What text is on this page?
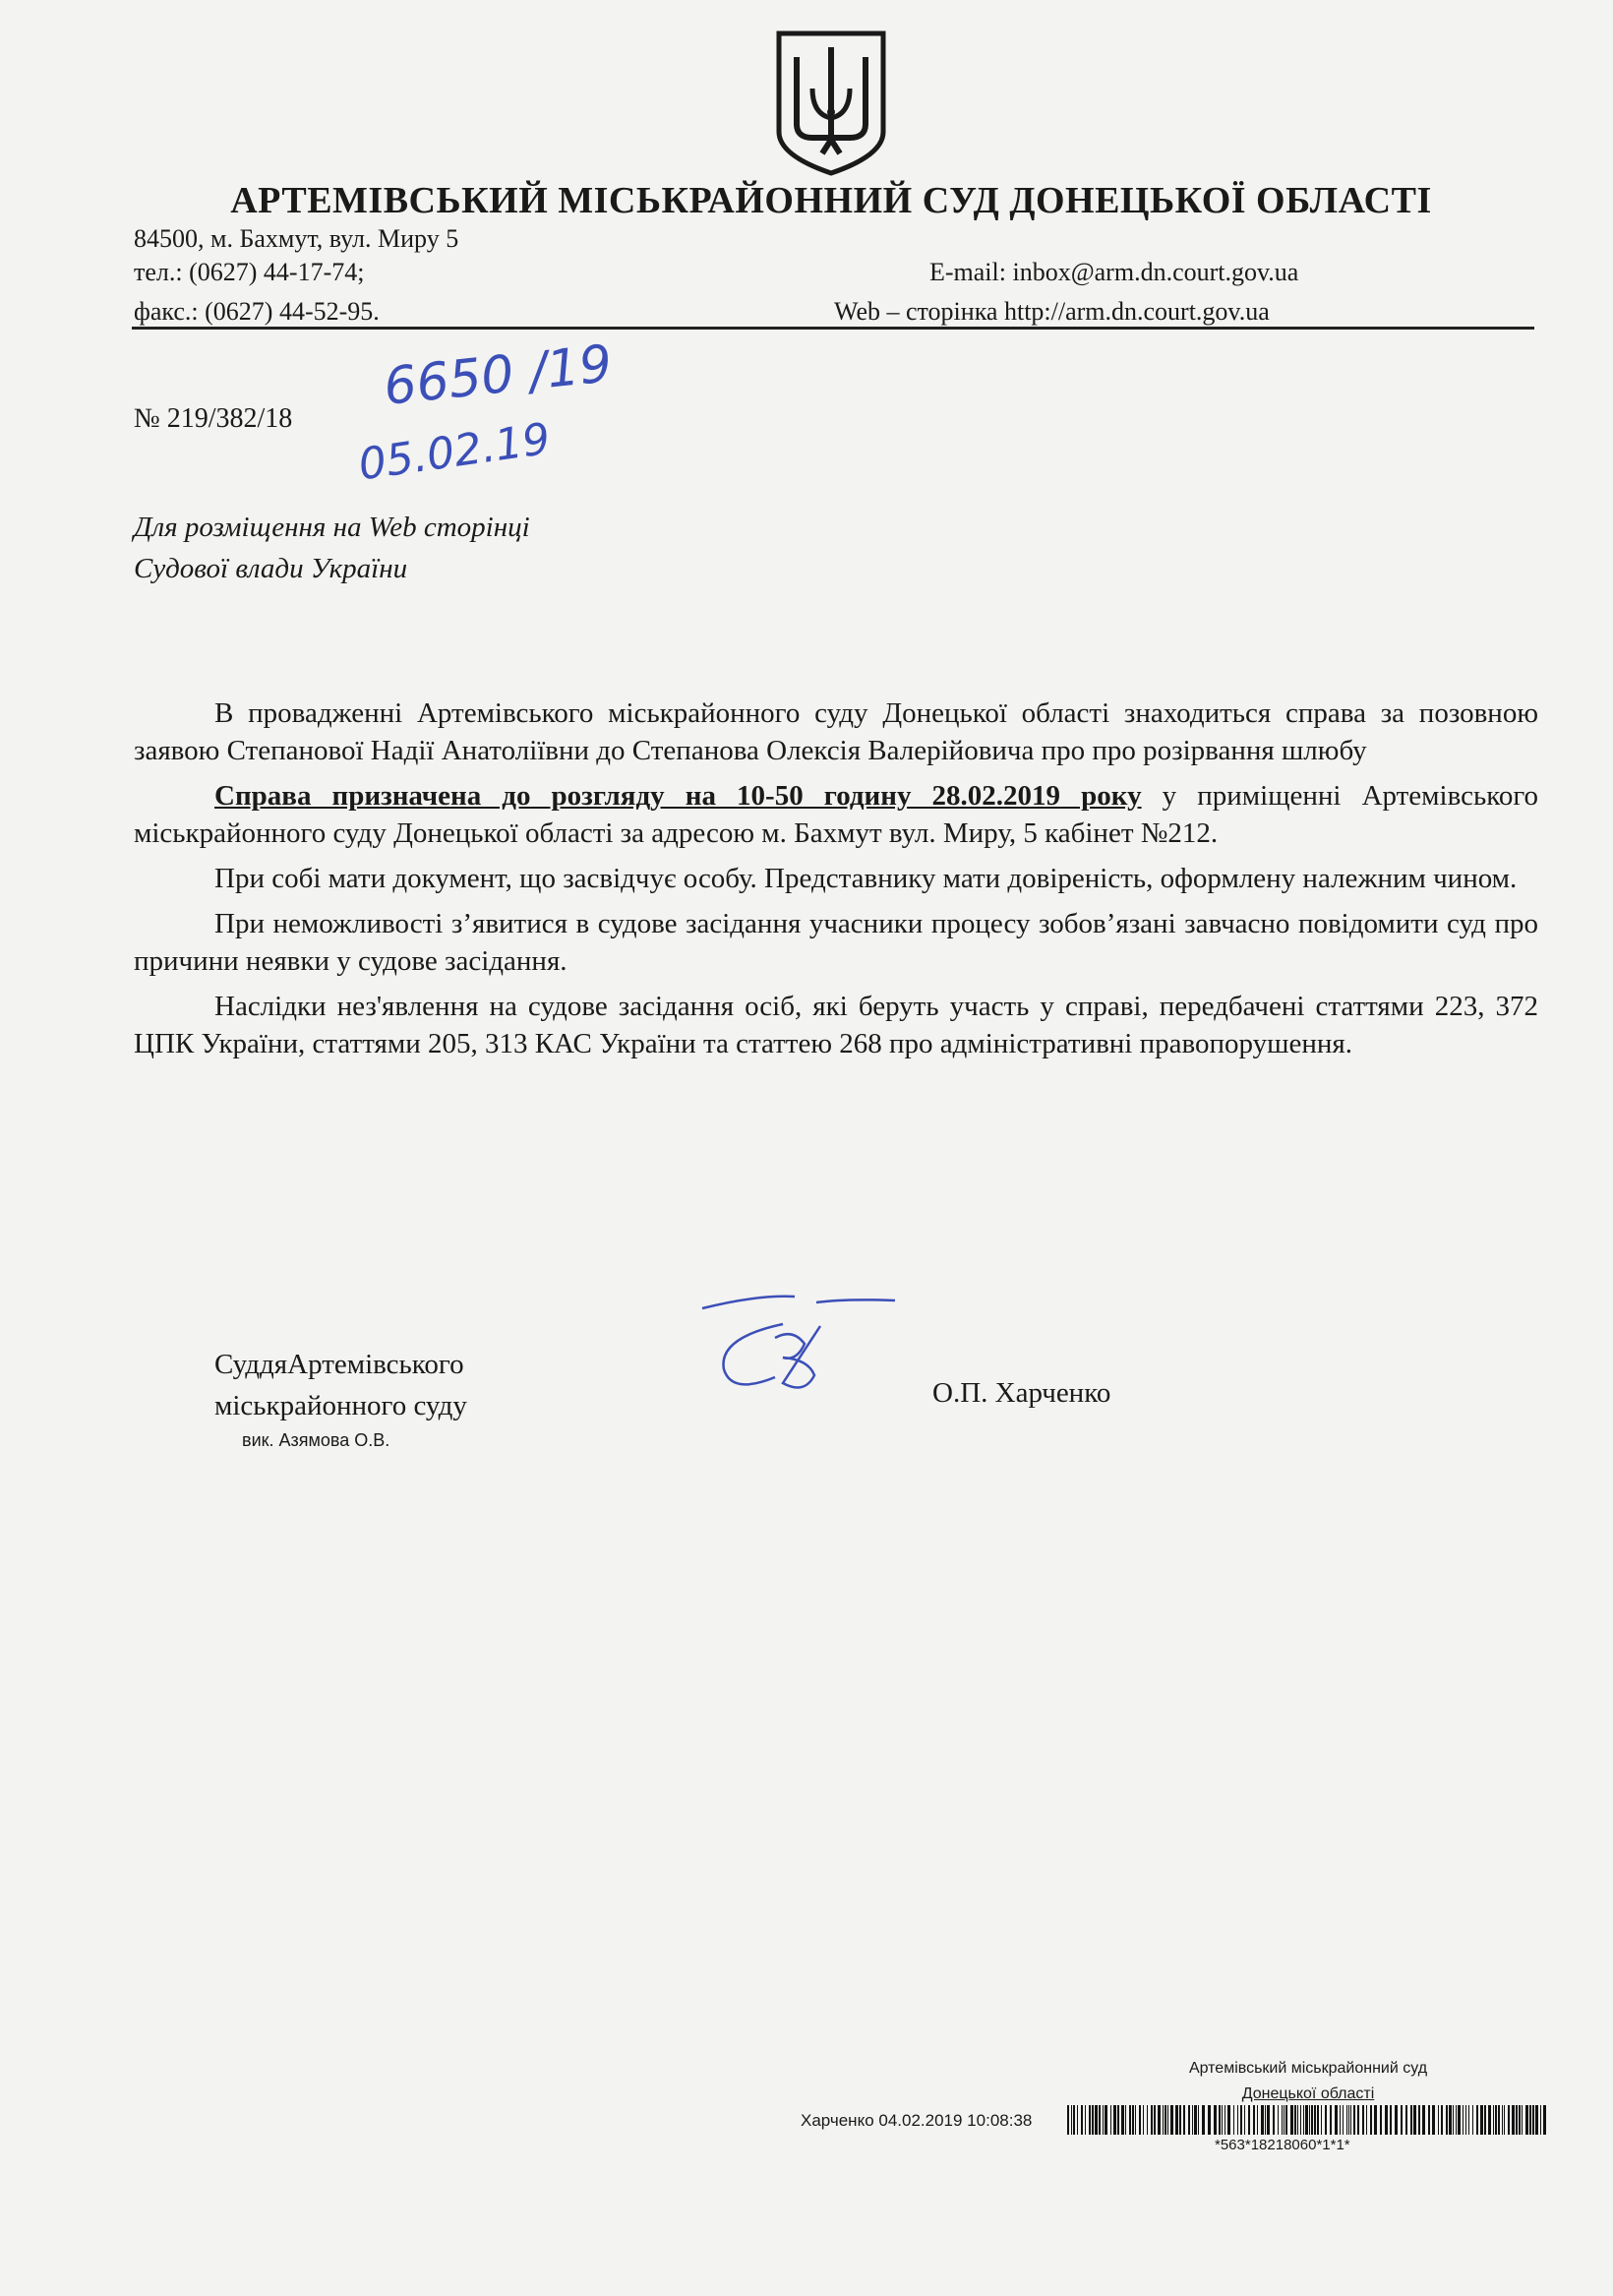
АРТЕМІВСЬКИЙ МІСЬКРАЙОННИЙ СУД ДОНЕЦЬКОЇ ОБЛАСТІ
84500, м. Бахмут, вул. Миру 5
тел.: (0627) 44-17-74;
факс.: (0627) 44-52-95.
E-mail: inbox@arm.dn.court.gov.ua
Web – сторінка http://arm.dn.court.gov.ua
№ 219/382/18
6650 /19
05.02.19
Для розміщення на Web сторінці
Судової влади України

В провадженні Артемівського міськрайонного суду Донецької області знаходиться справа за позовною заявою Степанової Надії Анатоліївни до Степанова Олексія Валерійовича про про розірвання шлюбу

Справа призначена до розгляду на 10-50 годину 28.02.2019 року у приміщенні Артемівського міськрайонного суду Донецької області за адресою м. Бахмут вул. Миру, 5 кабінет №212.

При собі мати документ, що засвідчує особу. Представнику мати довіреність, оформлену належним чином.

При неможливості з’явитися в судове засідання учасники процесу зобов’язані завчасно повідомити суд про причини неявки у судове засідання.

Наслідки нез'явлення на судове засідання осіб, які беруть участь у справі, передбачені статтями 223, 372 ЦПК України, статтями 205, 313 КАС України та статтею 268 про адміністративні правопорушення.

СуддяАртемівського
міськрайонного суду	О.П. Харченко
вик. Азямова О.В.
Артемівський міськрайонний суд
Донецької області
Харченко 04.02.2019 10:08:38
*563*18218060*1*1*
